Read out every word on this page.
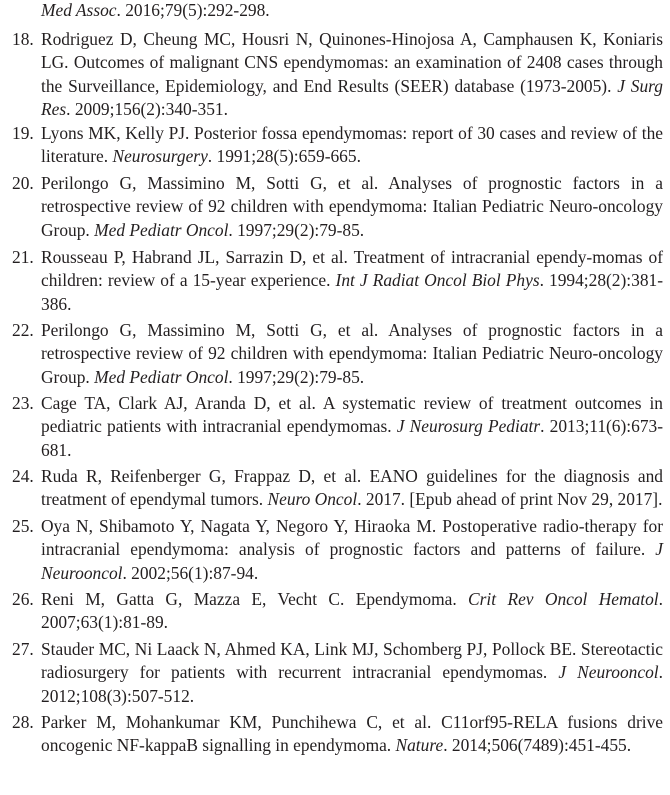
Med Assoc. 2016;79(5):292-298.
18. Rodriguez D, Cheung MC, Housri N, Quinones-Hinojosa A, Camphausen K, Koniaris LG. Outcomes of malignant CNS ependymomas: an examination of 2408 cases through the Surveillance, Epidemiology, and End Results (SEER) database (1973-2005). J Surg Res. 2009;156(2):340-351.
19. Lyons MK, Kelly PJ. Posterior fossa ependymomas: report of 30 cases and review of the literature. Neurosurgery. 1991;28(5):659-665.
20. Perilongo G, Massimino M, Sotti G, et al. Analyses of prognostic factors in a retrospective review of 92 children with ependymoma: Italian Pediatric Neuro-oncology Group. Med Pediatr Oncol. 1997;29(2):79-85.
21. Rousseau P, Habrand JL, Sarrazin D, et al. Treatment of intracranial ependy-momas of children: review of a 15-year experience. Int J Radiat Oncol Biol Phys. 1994;28(2):381-386.
22. Perilongo G, Massimino M, Sotti G, et al. Analyses of prognostic factors in a retrospective review of 92 children with ependymoma: Italian Pediatric Neuro-oncology Group. Med Pediatr Oncol. 1997;29(2):79-85.
23. Cage TA, Clark AJ, Aranda D, et al. A systematic review of treatment outcomes in pediatric patients with intracranial ependymomas. J Neurosurg Pediatr. 2013;11(6):673-681.
24. Ruda R, Reifenberger G, Frappaz D, et al. EANO guidelines for the diagnosis and treatment of ependymal tumors. Neuro Oncol. 2017. [Epub ahead of print Nov 29, 2017].
25. Oya N, Shibamoto Y, Nagata Y, Negoro Y, Hiraoka M. Postoperative radio-therapy for intracranial ependymoma: analysis of prognostic factors and patterns of failure. J Neurooncol. 2002;56(1):87-94.
26. Reni M, Gatta G, Mazza E, Vecht C. Ependymoma. Crit Rev Oncol Hematol. 2007;63(1):81-89.
27. Stauder MC, Ni Laack N, Ahmed KA, Link MJ, Schomberg PJ, Pollock BE. Stereotactic radiosurgery for patients with recurrent intracranial ependymomas. J Neurooncol. 2012;108(3):507-512.
28. Parker M, Mohankumar KM, Punchihewa C, et al. C11orf95-RELA fusions drive oncogenic NF-kappaB signalling in ependymoma. Nature. 2014;506(7489):451-455.
